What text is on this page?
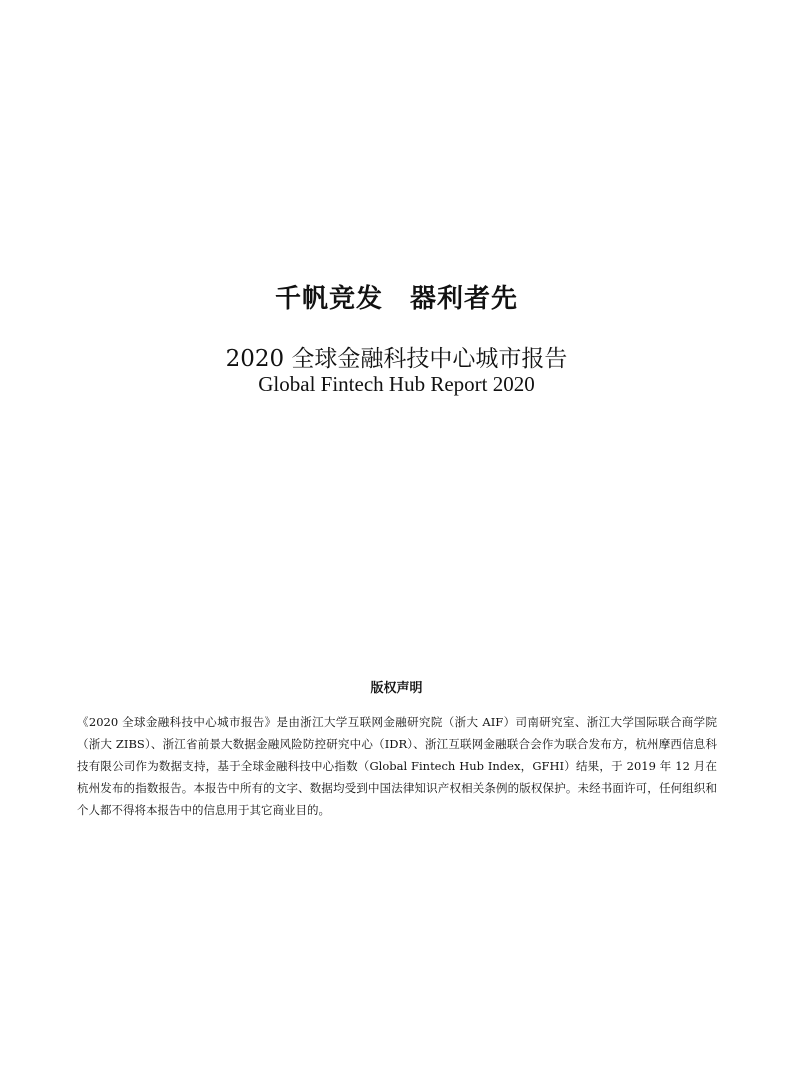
千帆竞发　器利者先
2020 全球金融科技中心城市报告
Global Fintech Hub Report 2020
版权声明
《2020 全球金融科技中心城市报告》是由浙江大学互联网金融研究院（浙大 AIF）司南研究室、浙江大学国际联合商学院（浙大 ZIBS）、浙江省前景大数据金融风险防控研究中心（IDR）、浙江互联网金融联合会作为联合发布方，杭州摩西信息科技有限公司作为数据支持，基于全球金融科技中心指数（Global Fintech Hub Index，GFHI）结果，于 2019 年 12 月在杭州发布的指数报告。本报告中所有的文字、数据均受到中国法律知识产权相关条例的版权保护。未经书面许可，任何组织和个人都不得将本报告中的信息用于其它商业目的。
